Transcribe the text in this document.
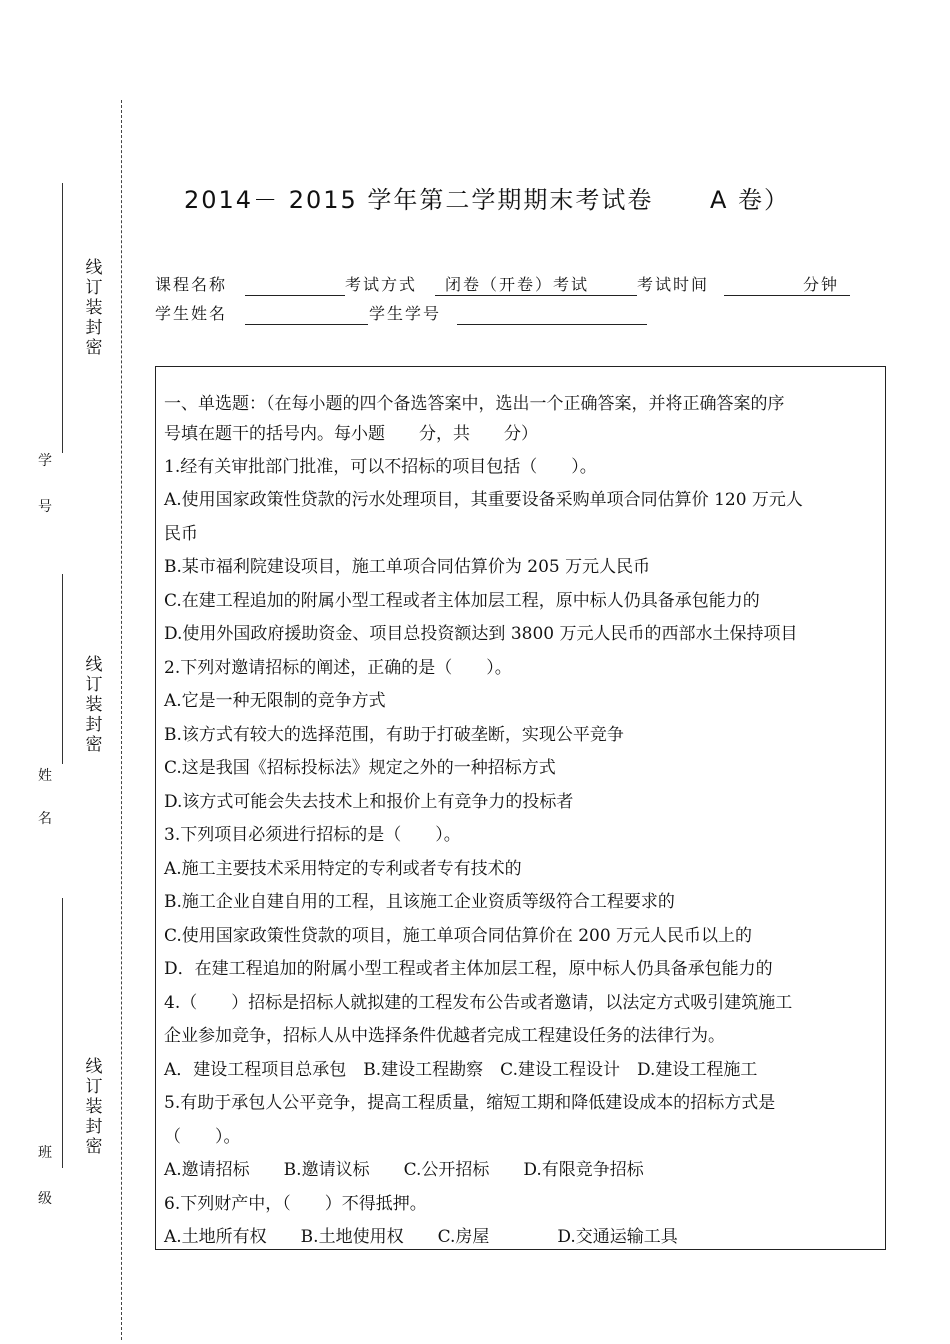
线订装封密
线订装封密
线订装封密
学
号
姓
名
班
级
2014－ 2015 学年第二学期期末考试卷 A 卷）
课程名称	考试方式 闭卷（开卷）考试	考试时间	分钟
学生姓名	学生学号
一、单选题：（在每小题的四个备选答案中，选出一个正确答案，并将正确答案的序
号填在题干的括号内。每小题　　分，共　　分）
1.经有关审批部门批准，可以不招标的项目包括（　　）。
A.使用国家政策性贷款的污水处理项目，其重要设备采购单项合同估算价 120 万元人
民币
B.某市福利院建设项目，施工单项合同估算价为 205 万元人民币
C.在建工程追加的附属小型工程或者主体加层工程，原中标人仍具备承包能力的
D.使用外国政府援助资金、项目总投资额达到 3800 万元人民币的西部水土保持项目
2.下列对邀请招标的阐述，正确的是（　　）。
A.它是一种无限制的竞争方式
B.该方式有较大的选择范围，有助于打破垄断，实现公平竞争
C.这是我国《招标投标法》规定之外的一种招标方式
D.该方式可能会失去技术上和报价上有竞争力的投标者
3.下列项目必须进行招标的是（　　）。
A.施工主要技术采用特定的专利或者专有技术的
B.施工企业自建自用的工程，且该施工企业资质等级符合工程要求的
C.使用国家政策性贷款的项目，施工单项合同估算价在 200 万元人民币以上的
D．在建工程追加的附属小型工程或者主体加层工程，原中标人仍具备承包能力的
4.（　　）招标是招标人就拟建的工程发布公告或者邀请，以法定方式吸引建筑施工
企业参加竞争，招标人从中选择条件优越者完成工程建设任务的法律行为。
A．建设工程项目总承包　B.建设工程勘察　C.建设工程设计　D.建设工程施工
5.有助于承包人公平竞争，提高工程质量，缩短工期和降低建设成本的招标方式是
（　　）。
A.邀请招标　　B.邀请议标　　C.公开招标　　D.有限竞争招标
6.下列财产中，（　　）不得抵押。
A.土地所有权　　B.土地使用权　　C.房屋　　　　D.交通运输工具
